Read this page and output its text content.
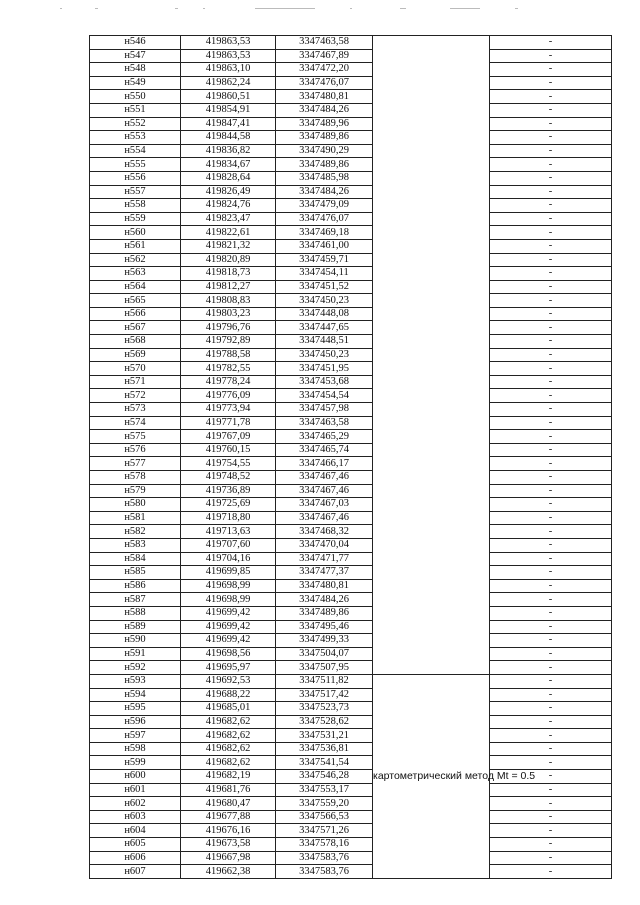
н546	419863,53	3347463,58		-
н547	419863,53	3347467,89		-
н548	419863,10	3347472,20		-
н549	419862,24	3347476,07		-
н550	419860,51	3347480,81		-
н551	419854,91	3347484,26		-
н552	419847,41	3347489,96		-
н553	419844,58	3347489,86		-
н554	419836,82	3347490,29		-
н555	419834,67	3347489,86		-
н556	419828,64	3347485,98		-
н557	419826,49	3347484,26		-
н558	419824,76	3347479,09		-
н559	419823,47	3347476,07		-
н560	419822,61	3347469,18		-
н561	419821,32	3347461,00		-
н562	419820,89	3347459,71		-
н563	419818,73	3347454,11		-
н564	419812,27	3347451,52		-
н565	419808,83	3347450,23		-
н566	419803,23	3347448,08		-
н567	419796,76	3347447,65		-
н568	419792,89	3347448,51		-
н569	419788,58	3347450,23		-
н570	419782,55	3347451,95		-
н571	419778,24	3347453,68		-
н572	419776,09	3347454,54		-
н573	419773,94	3347457,98		-
н574	419771,78	3347463,58		-
н575	419767,09	3347465,29		-
н576	419760,15	3347465,74		-
н577	419754,55	3347466,17		-
н578	419748,52	3347467,46		-
н579	419736,89	3347467,46		-
н580	419725,69	3347467,03		-
н581	419718,80	3347467,46		-
н582	419713,63	3347468,32		-
н583	419707,60	3347470,04		-
н584	419704,16	3347471,77		-
н585	419699,85	3347477,37		-
н586	419698,99	3347480,81		-
н587	419698,99	3347484,26		-
н588	419699,42	3347489,86		-
н589	419699,42	3347495,46		-
н590	419699,42	3347499,33		-
н591	419698,56	3347504,07		-
н592	419695,97	3347507,95		-
н593	419692,53	3347511,82	картометрический метод Mt = 0.5	-
н594	419688,22	3347517,42		-
н595	419685,01	3347523,73		-
н596	419682,62	3347528,62		-
н597	419682,62	3347531,21		-
н598	419682,62	3347536,81		-
н599	419682,62	3347541,54		-
н600	419682,19	3347546,28		-
н601	419681,76	3347553,17		-
н602	419680,47	3347559,20		-
н603	419677,88	3347566,53		-
н604	419676,16	3347571,26		-
н605	419673,58	3347578,16		-
н606	419667,98	3347583,76		-
н607	419662,38	3347583,76		-
